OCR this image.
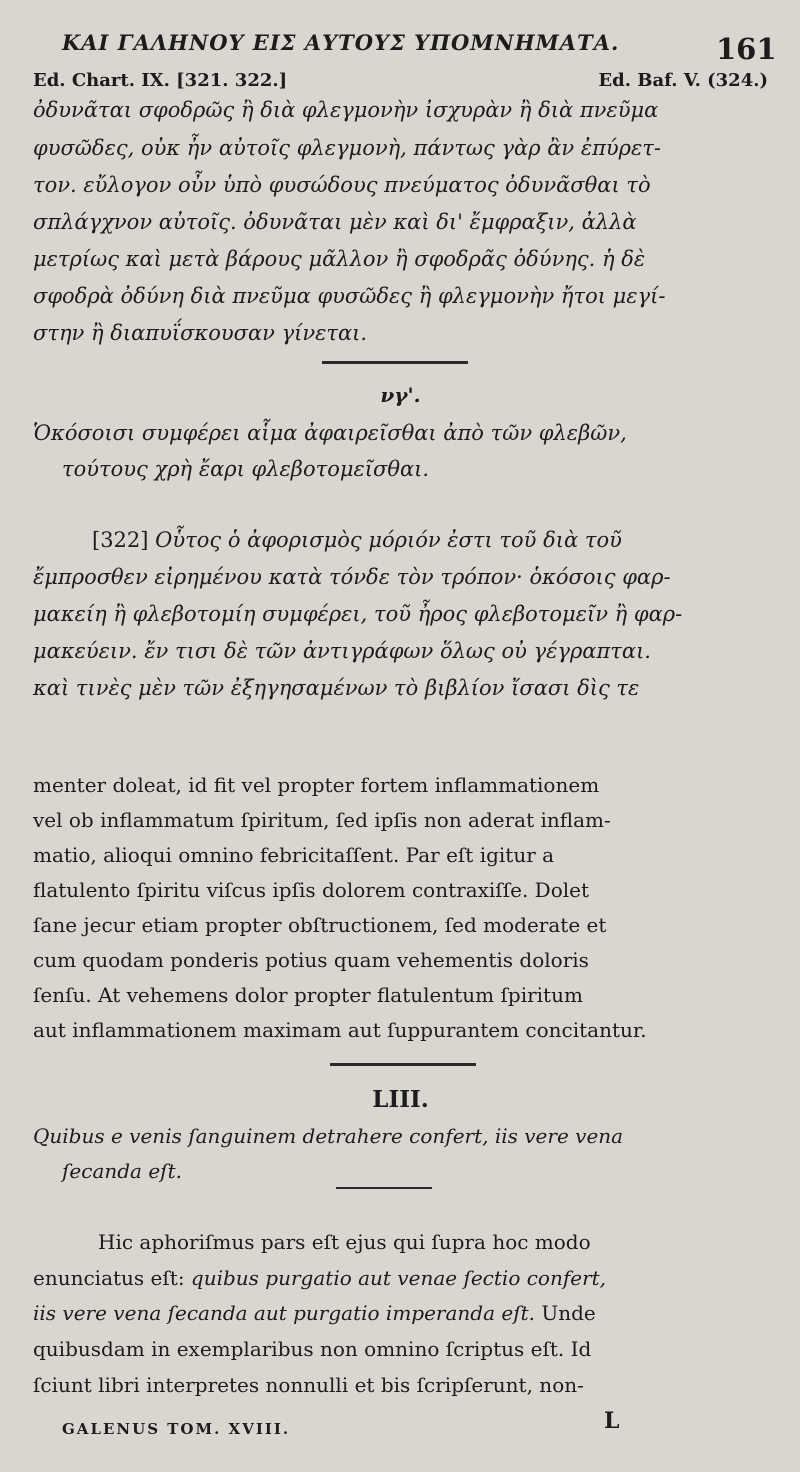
ΚΑΙ ΓΑΛΗΝΟΥ ΕΙΣ ΑΥΤΟΥΣ ΥΠΟΜΝΗΜΑΤΑ.	161
Ed. Chart. IX. [321. 322.]	Ed. Baf. V. (324.)
ὀδυνᾶται σφοδρῶς ἢ διὰ φλεγμονὴν ἰσχυρὰν ἢ διὰ πνεῦμα
φυσῶδες, οὐκ ἦν αὐτοῖς φλεγμονὴ, πάντως γὰρ ἂν ἐπύρετ-
τον. εὔλογον οὖν ὑπὸ φυσώδους πνεύματος ὀδυνᾶσθαι τὸ
σπλάγχνον αὐτοῖς. ὀδυνᾶται μὲν καὶ δι' ἔμφραξιν, ἀλλὰ
μετρίως καὶ μετὰ βάρους μᾶλλον ἢ σφοδρᾶς ὀδύνης. ἡ δὲ
σφοδρὰ ὀδύνη διὰ πνεῦμα φυσῶδες ἢ φλεγμονὴν ἤτοι μεγί-
στην ἢ διαπυΐσκουσαν γίνεται.
νγ'.
Ὁκόσοισι συμφέρει αἷμα ἀφαιρεῖσθαι ἀπὸ τῶν φλεβῶν,
τούτους χρὴ ἔαρι φλεβοτομεῖσθαι.
[322] Οὗτος ὁ ἀφορισμὸς μόριόν ἐστι τοῦ διὰ τοῦ
ἔμπροσθεν εἰρημένου κατὰ τόνδε τὸν τρόπον· ὁκόσοις φαρ-
μακείη ἢ φλεβοτομίη συμφέρει, τοῦ ἦρος φλεβοτομεῖν ἢ φαρ-
μακεύειν. ἔν τισι δὲ τῶν ἀντιγράφων ὅλως οὐ γέγραπται.
καὶ τινὲς μὲν τῶν ἐξηγησαμένων τὸ βιβλίον ἴσασι δὶς τε
menter doleat, id fit vel propter fortem inflammationem
vel ob inflammatum ſpiritum, ſed ipſis non aderat inflam-
matio, alioqui omnino febricitaſſent. Par eſt igitur a
flatulento ſpiritu viſcus ipſis dolorem contraxiſſe. Dolet
ſane jecur etiam propter obſtructionem, ſed moderate et
cum quodam ponderis potius quam vehementis doloris
ſenſu. At vehemens dolor propter flatulentum ſpiritum
aut inflammationem maximam aut ſuppurantem concitantur.
LIII.
Quibus e venis ſanguinem detrahere confert, iis vere vena
ſecanda eſt.
Hic aphoriſmus pars eſt ejus qui ſupra hoc modo
enunciatus eſt: quibus purgatio aut venae ſectio confert,
iis vere vena ſecanda aut purgatio imperanda eſt. Unde
quibusdam in exemplaribus non omnino ſcriptus eſt. Id
ſciunt libri interpretes nonnulli et bis ſcripſerunt, non-
GALENUS TOM. XVIII.	L
